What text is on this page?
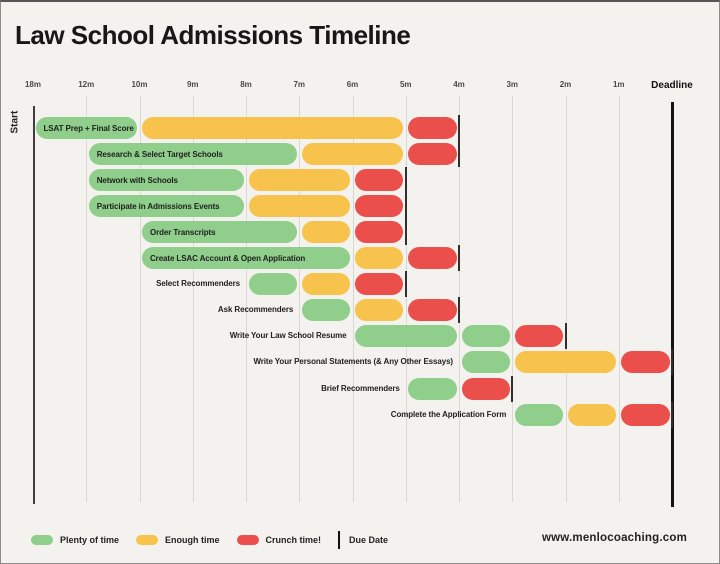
Law School Admissions Timeline
18m	12m	10m	9m	8m	7m	6m	5m	4m	3m	2m	1m	Deadline
Start	LSAT Prep + Final Score
Research & Select Target Schools
Network with Schools
Participate in Admissions Events
Order Transcripts
Create LSAC Account & Open Application
Select Recommenders
Ask Recommenders
Write Your Law School Resume
Write Your Personal Statements (& Any Other Essays)
Brief Recommenders
Complete the Application Form
Plenty of time	Enough time	Crunch time!	Due Date	www.menlocoaching.com
